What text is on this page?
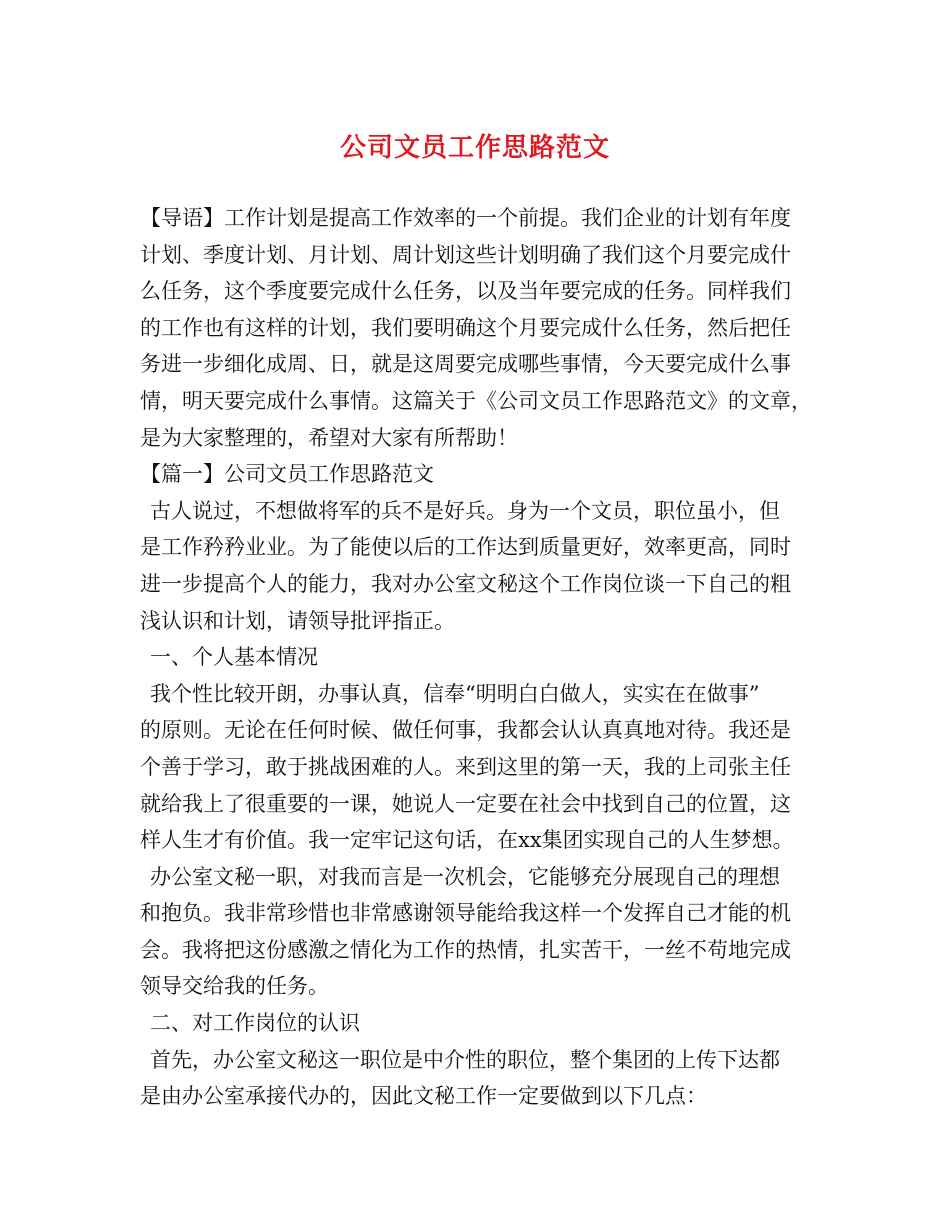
公司文员工作思路范文
【导语】工作计划是提高工作效率的一个前提。我们企业的计划有年度
计划、季度计划、月计划、周计划这些计划明确了我们这个月要完成什
么任务，这个季度要完成什么任务，以及当年要完成的任务。同样我们
的工作也有这样的计划，我们要明确这个月要完成什么任务，然后把任
务进一步细化成周、日，就是这周要完成哪些事情，今天要完成什么事
情，明天要完成什么事情。这篇关于《公司文员工作思路范文》的文章，
是为大家整理的，希望对大家有所帮助！
【篇一】公司文员工作思路范文
古人说过，不想做将军的兵不是好兵。身为一个文员，职位虽小，但
是工作矜矜业业。为了能使以后的工作达到质量更好，效率更高，同时
进一步提高个人的能力，我对办公室文秘这个工作岗位谈一下自己的粗
浅认识和计划，请领导批评指正。
一、个人基本情况
我个性比较开朗，办事认真，信奉“明明白白做人，实实在在做事”
的原则。无论在任何时候、做任何事，我都会认认真真地对待。我还是
个善于学习，敢于挑战困难的人。来到这里的第一天，我的上司张主任
就给我上了很重要的一课，她说人一定要在社会中找到自己的位置，这
样人生才有价值。我一定牢记这句话，在xx集团实现自己的人生梦想。
办公室文秘一职，对我而言是一次机会，它能够充分展现自己的理想
和抱负。我非常珍惜也非常感谢领导能给我这样一个发挥自己才能的机
会。我将把这份感激之情化为工作的热情，扎实苦干，一丝不苟地完成
领导交给我的任务。
二、对工作岗位的认识
首先，办公室文秘这一职位是中介性的职位，整个集团的上传下达都
是由办公室承接代办的，因此文秘工作一定要做到以下几点：
